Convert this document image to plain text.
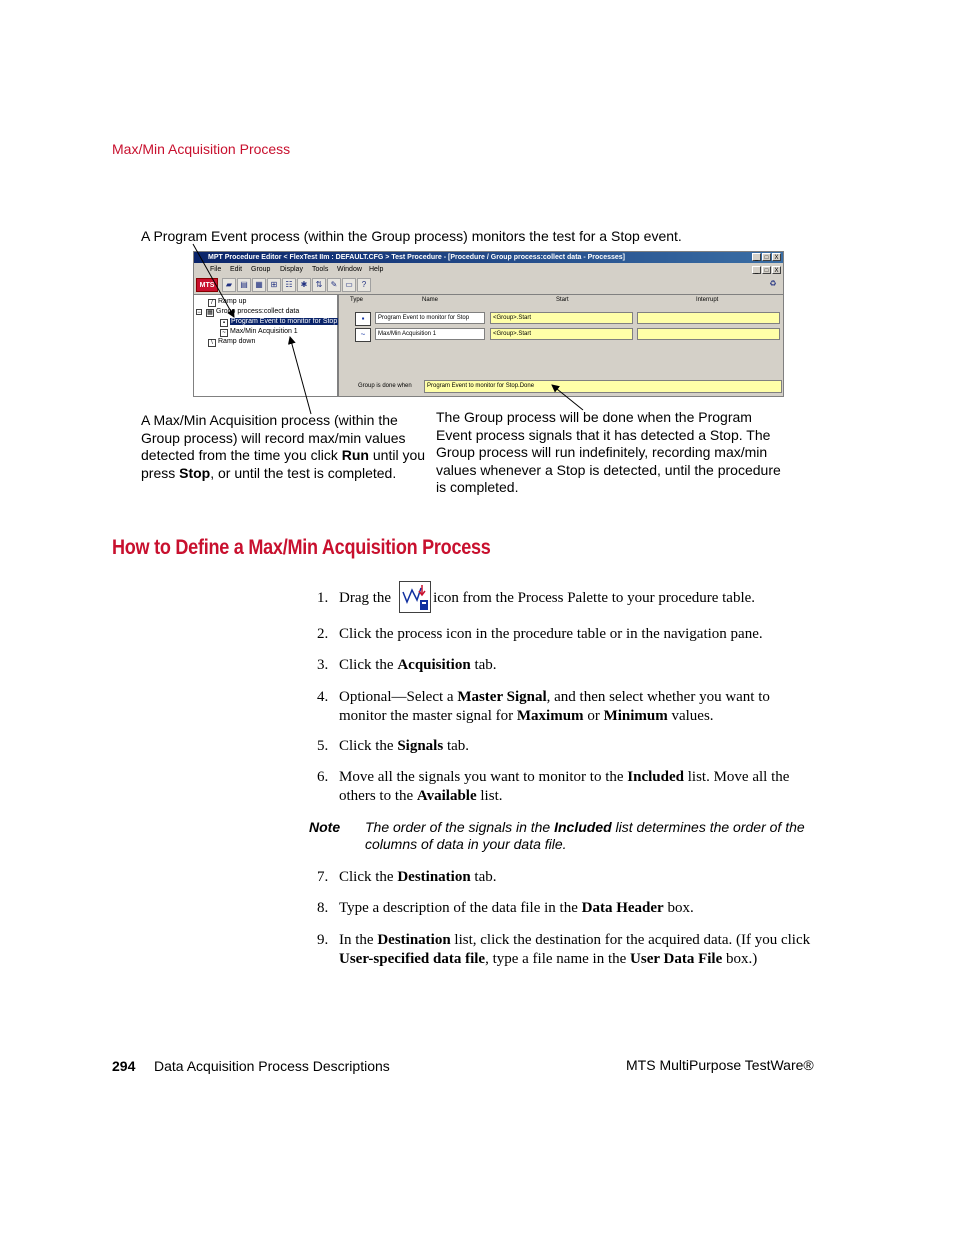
Max/Min Acquisition Process
A Program Event process (within the Group process) monitors the test for a Stop event.
MPT Procedure Editor < FlexTest IIm : DEFAULT.CFG > Test Procedure - [Procedure / Group process:collect data - Processes]	_	□	X
File Edit Group Display Tools Window Help	_	□	X
MTS	▰	▤ ▦ ⊞	☷	✱	⇅	✎ ▭	?	♻
/ Ramp up
− ▦ Group process:collect data
▪ Program Event to monitor for Stop
~ Max/Min Acquisition 1
\ Ramp down
Type	Name	Start	Interrupt
▪	Program Event to monitor for Stop	<Group>.Start
~	Max/Min Acquisition 1	<Group>.Start
Group is done when	Program Event to monitor for Stop.Done
A Max/Min Acquisition process (within the Group process) will record max/min values detected from the time you click Run until you press Stop, or until the test is completed.
The Group process will be done when the Program Event process signals that it has detected a Stop. The Group process will run indefinitely, recording max/min values whenever a Stop is detected, until the procedure is completed.
How to Define a Max/Min Acquisition Process
1. Drag the	icon from the Process Palette to your procedure table.
2. Click the process icon in the procedure table or in the navigation pane.
3. Click the Acquisition tab.
4. Optional—Select a Master Signal, and then select whether you want to monitor the master signal for Maximum or Minimum values.
5. Click the Signals tab.
6. Move all the signals you want to monitor to the Included list. Move all the others to the Available list.
Note The order of the signals in the Included list determines the order of the columns of data in your data file.
7. Click the Destination tab.
8. Type a description of the data file in the Data Header box.
9. In the Destination list, click the destination for the acquired data. (If you click User-specified data file, type a file name in the User Data File box.)
294 Data Acquisition Process Descriptions	MTS MultiPurpose TestWare®
